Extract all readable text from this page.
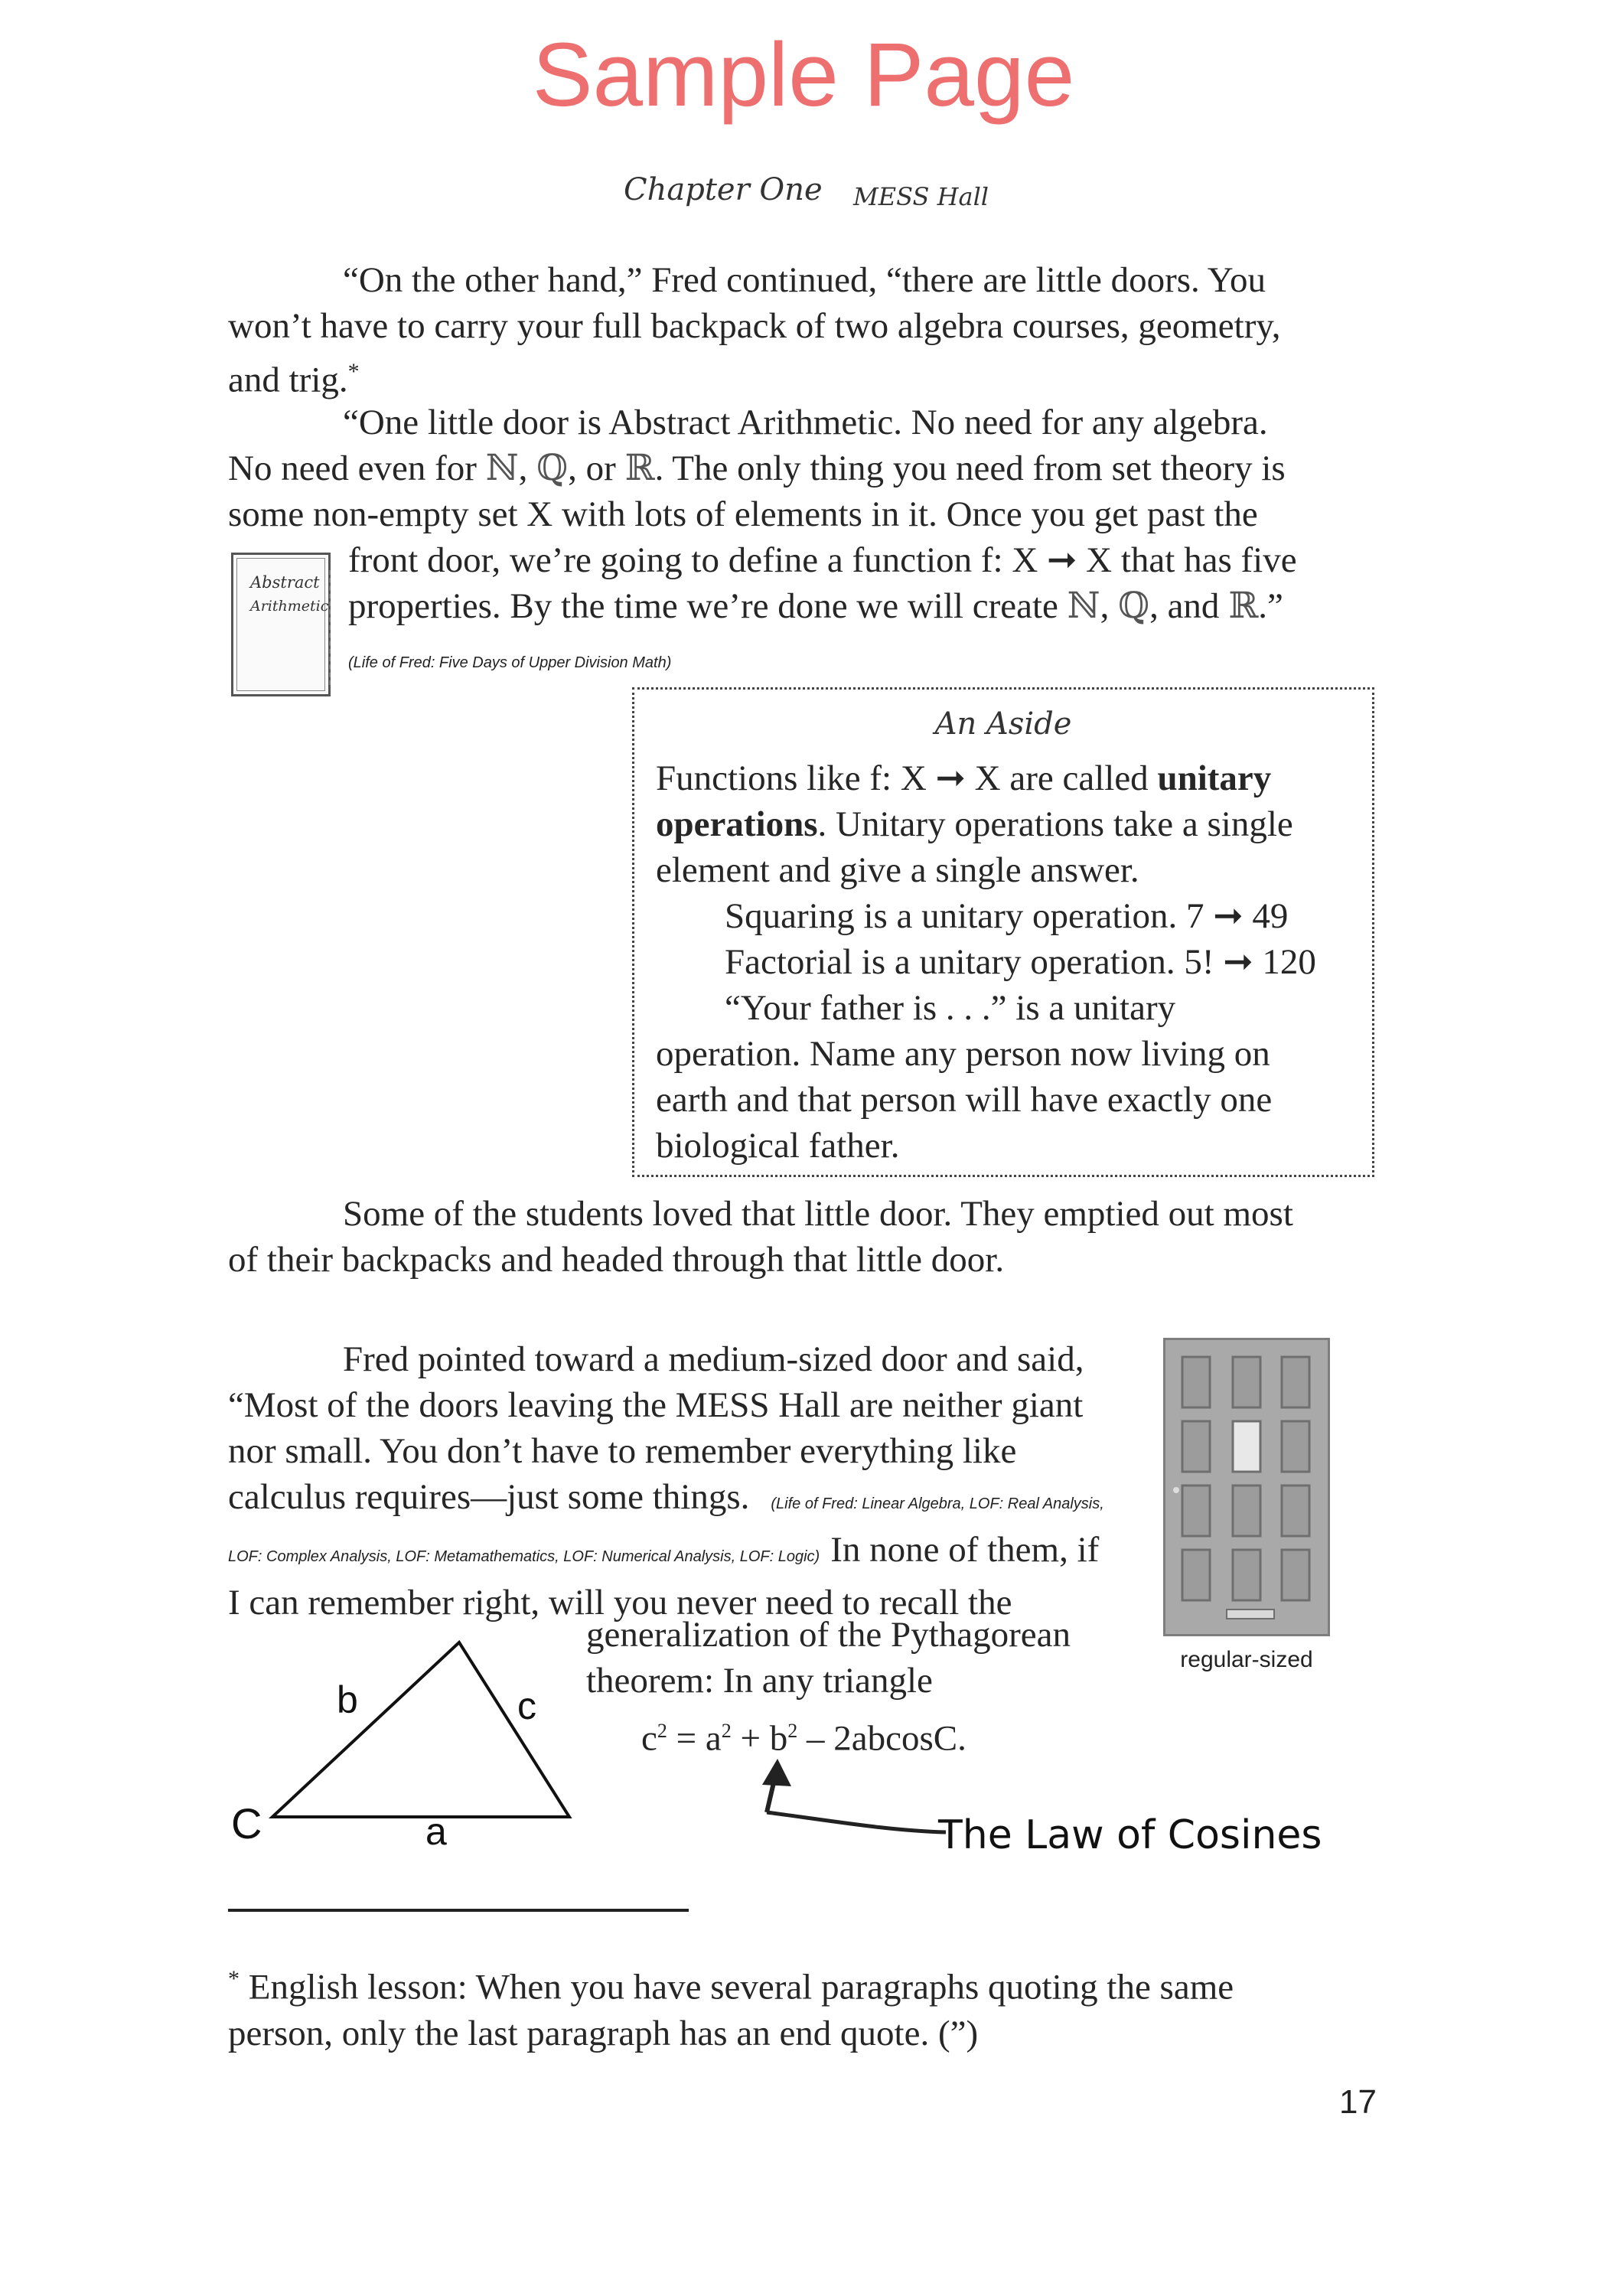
Sample Page
Chapter One MESS Hall

“On the other hand,” Fred continued, “there are little doors. You

won’t have to carry your full backpack of two algebra courses, geometry,

and trig.*

“One little door is Abstract Arithmetic. No need for any algebra.

No need even for ℕ, ℚ, or ℝ. The only thing you need from set theory is

some non-empty set X with lots of elements in it. Once you get past the

front door, we’re going to define a function f: X ➞ X that has five

properties. By the time we’re done we will create ℕ, ℚ, and ℝ.”

(Life of Fred: Five Days of Upper Division Math)
Abstract
Arithmetic
An Aside

Functions like f: X ➞ X are called unitary

operations. Unitary operations take a single

element and give a single answer.

Squaring is a unitary operation. 7 ➞ 49

Factorial is a unitary operation. 5! ➞ 120

“Your father is . . .” is a unitary

operation. Name any person now living on

earth and that person will have exactly one

biological father.

Some of the students loved that little door. They emptied out most

of their backpacks and headed through that little door.

Fred pointed toward a medium-sized door and said,

“Most of the doors leaving the MESS Hall are neither giant

nor small. You don’t have to remember everything like

calculus requires—just some things. (Life of Fred: Linear Algebra, LOF: Real Analysis,

LOF: Complex Analysis, LOF: Metamathematics, LOF: Numerical Analysis, LOF: Logic) In none of them, if

I can remember right, will you never need to recall the

generalization of the Pythagorean

theorem: In any triangle

$c^2 = a^2 + b^2 - 2abcosC$.
regular-sized
b	c
a
C	The Law of Cosines

* English lesson: When you have several paragraphs quoting the same

person, only the last paragraph has an end quote. (”)

17
